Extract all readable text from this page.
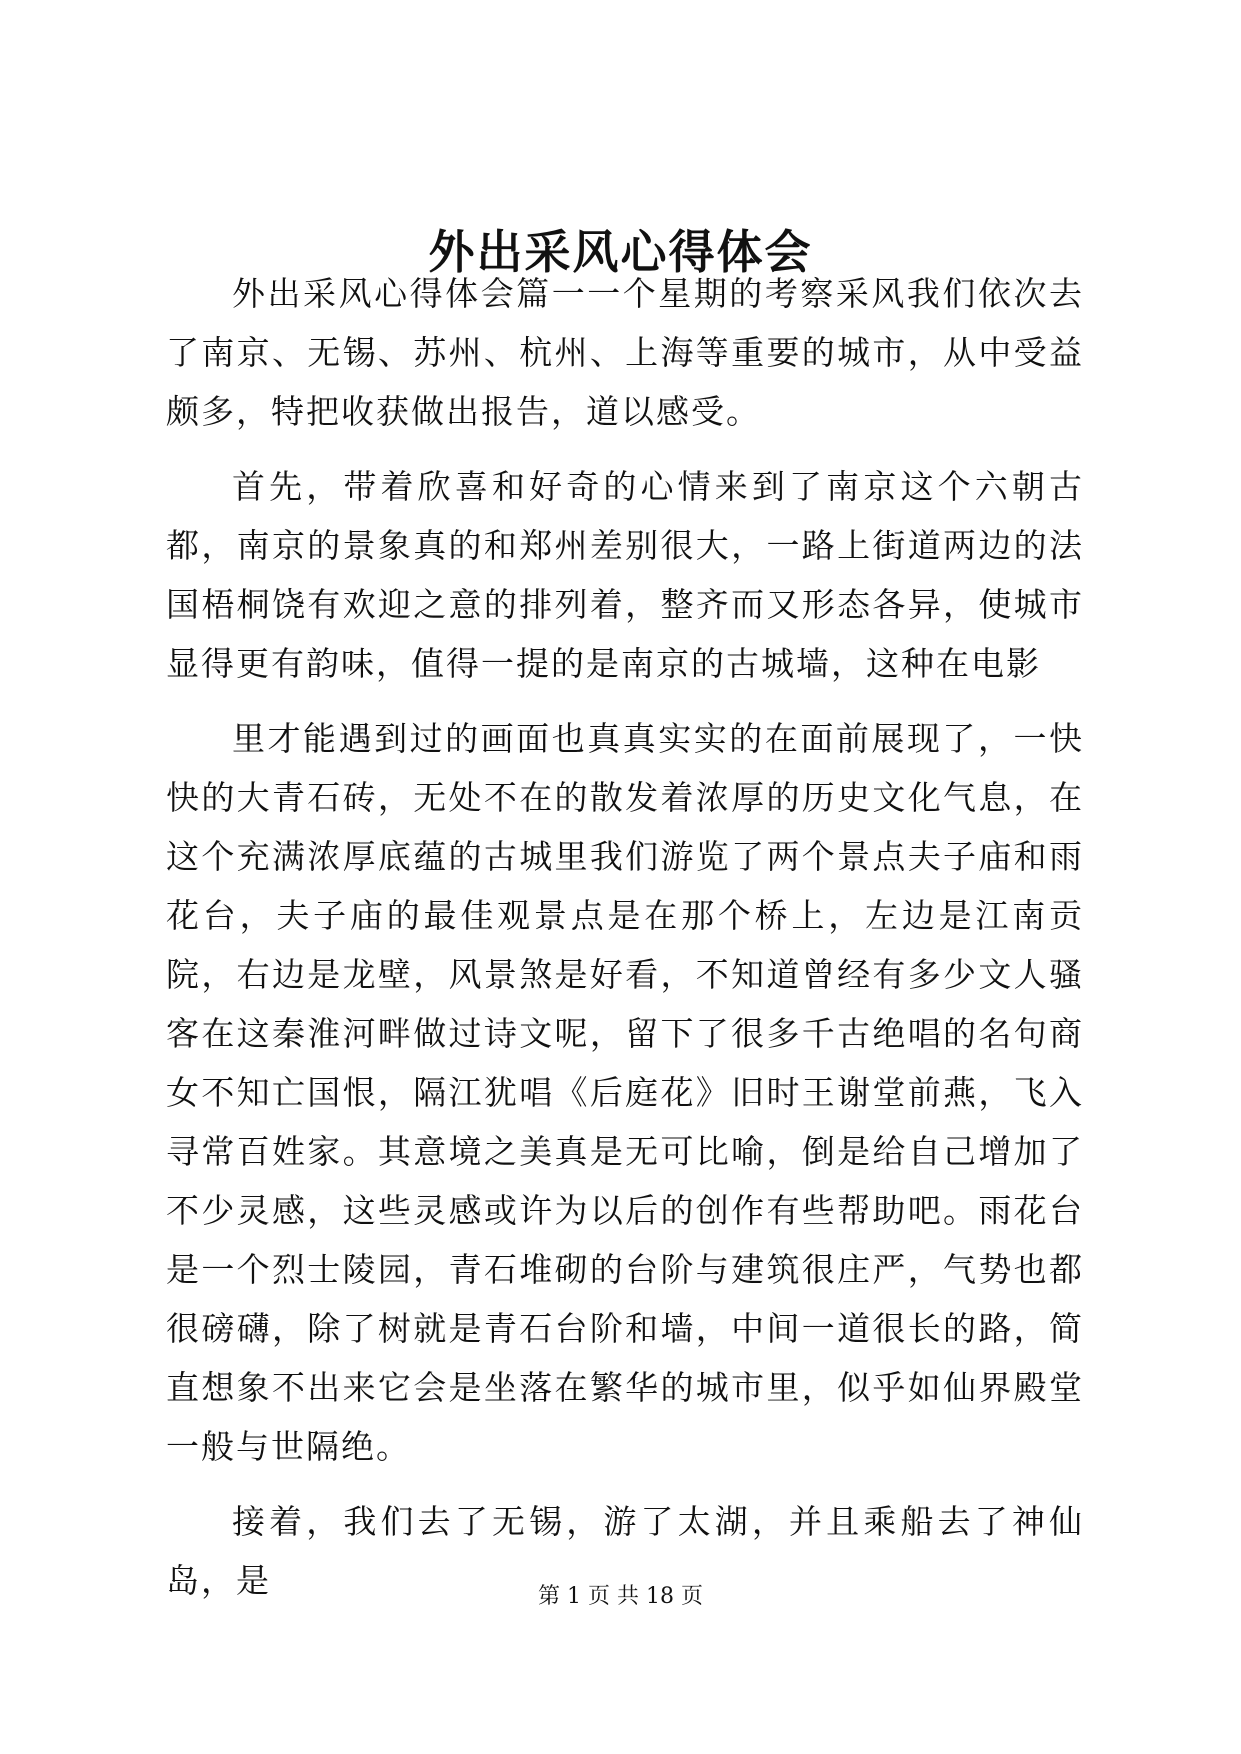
外出采风心得体会

外出采风心得体会篇一一个星期的考察采风我们依次去了南京、无锡、苏州、杭州、上海等重要的城市，从中受益颇多，特把收获做出报告，道以感受。

首先，带着欣喜和好奇的心情来到了南京这个六朝古都，南京的景象真的和郑州差别很大，一路上街道两边的法国梧桐饶有欢迎之意的排列着，整齐而又形态各异，使城市显得更有韵味，值得一提的是南京的古城墙，这种在电影

里才能遇到过的画面也真真实实的在面前展现了，一快快的大青石砖，无处不在的散发着浓厚的历史文化气息，在这个充满浓厚底蕴的古城里我们游览了两个景点夫子庙和雨花台，夫子庙的最佳观景点是在那个桥上，左边是江南贡院，右边是龙壁，风景煞是好看，不知道曾经有多少文人骚客在这秦淮河畔做过诗文呢，留下了很多千古绝唱的名句商女不知亡国恨，隔江犹唱《后庭花》旧时王谢堂前燕，飞入寻常百姓家。其意境之美真是无可比喻，倒是给自己增加了不少灵感，这些灵感或许为以后的创作有些帮助吧。雨花台是一个烈士陵园，青石堆砌的台阶与建筑很庄严，气势也都很磅礴，除了树就是青石台阶和墙，中间一道很长的路，简直想象不出来它会是坐落在繁华的城市里，似乎如仙界殿堂一般与世隔绝。

接着，我们去了无锡，游了太湖，并且乘船去了神仙岛，是	第 1 页 共 18 页
